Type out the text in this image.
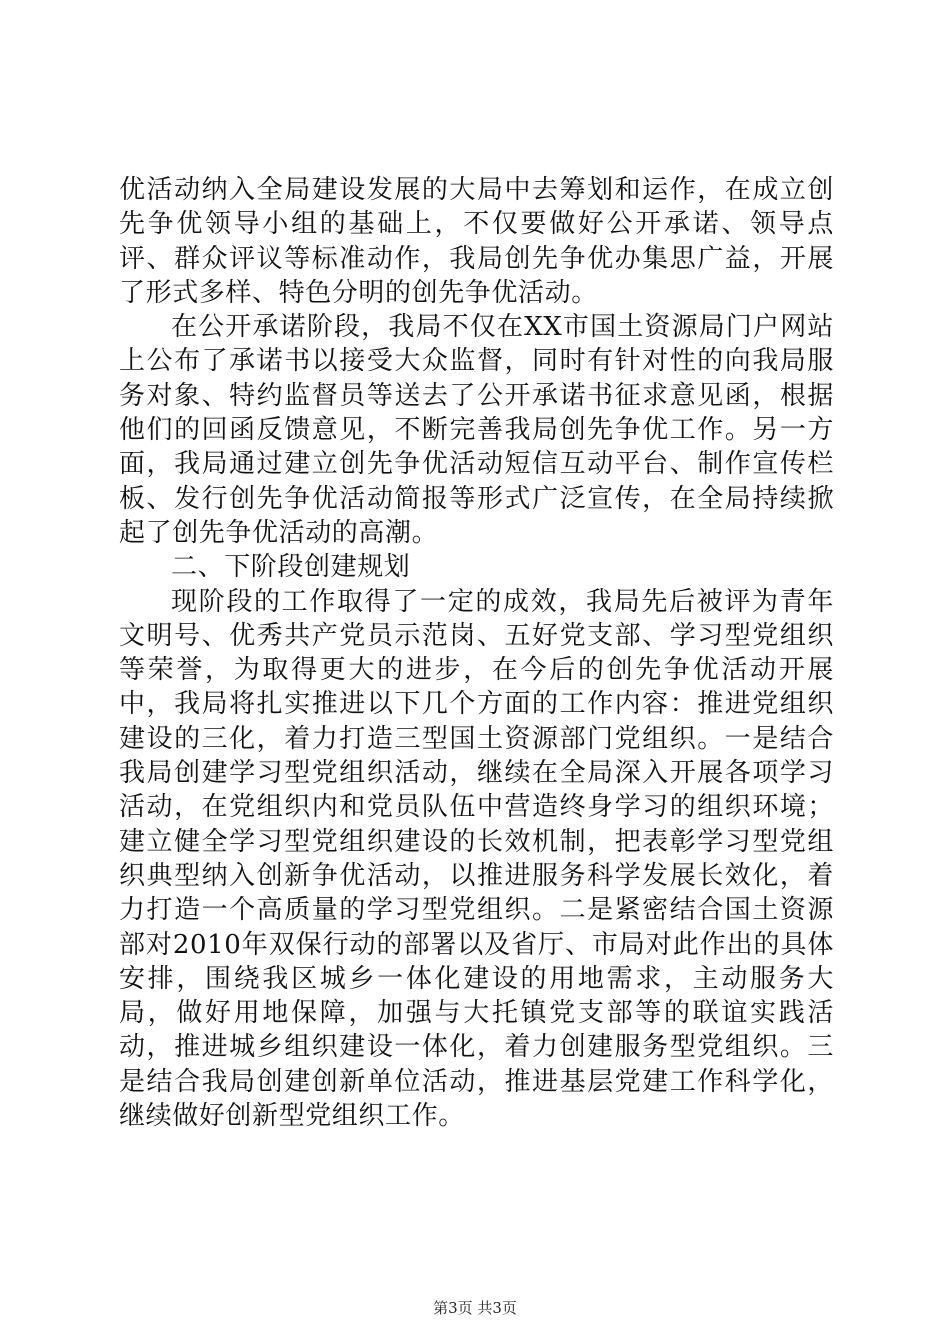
优活动纳入全局建设发展的大局中去筹划和运作，在成立创先争优领导小组的基础上，不仅要做好公开承诺、领导点评、群众评议等标准动作，我局创先争优办集思广益，开展了形式多样、特色分明的创先争优活动。

在公开承诺阶段，我局不仅在XX市国土资源局门户网站上公布了承诺书以接受大众监督，同时有针对性的向我局服务对象、特约监督员等送去了公开承诺书征求意见函，根据他们的回函反馈意见，不断完善我局创先争优工作。另一方面，我局通过建立创先争优活动短信互动平台、制作宣传栏板、发行创先争优活动简报等形式广泛宣传，在全局持续掀起了创先争优活动的高潮。

二、下阶段创建规划

现阶段的工作取得了一定的成效，我局先后被评为青年文明号、优秀共产党员示范岗、五好党支部、学习型党组织等荣誉，为取得更大的进步，在今后的创先争优活动开展中，我局将扎实推进以下几个方面的工作内容：推进党组织建设的三化，着力打造三型国土资源部门党组织。一是结合我局创建学习型党组织活动，继续在全局深入开展各项学习活动，在党组织内和党员队伍中营造终身学习的组织环境；建立健全学习型党组织建设的长效机制，把表彰学习型党组织典型纳入创新争优活动，以推进服务科学发展长效化，着力打造一个高质量的学习型党组织。二是紧密结合国土资源部对2010年双保行动的部署以及省厅、市局对此作出的具体安排，围绕我区城乡一体化建设的用地需求，主动服务大局，做好用地保障，加强与大托镇党支部等的联谊实践活动，推进城乡组织建设一体化，着力创建服务型党组织。三是结合我局创建创新单位活动，推进基层党建工作科学化，继续做好创新型党组织工作。

第3页 共3页
